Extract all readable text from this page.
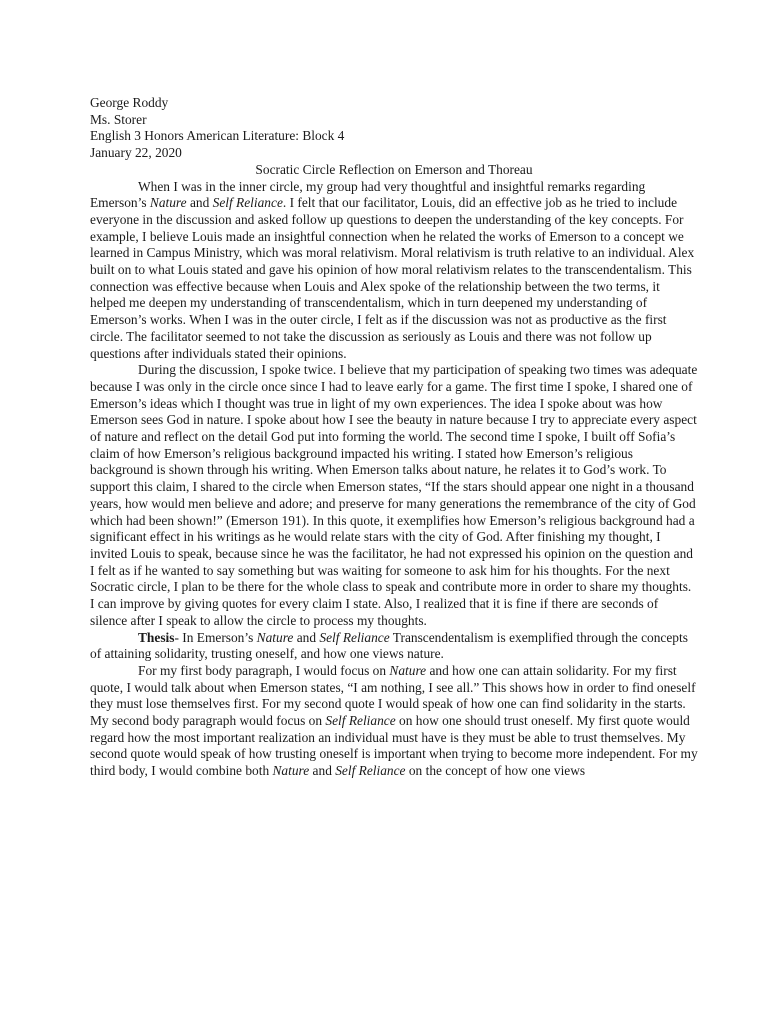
George Roddy

Ms. Storer

English 3 Honors American Literature: Block 4

January 22, 2020

Socratic Circle Reflection on Emerson and Thoreau

When I was in the inner circle, my group had very thoughtful and insightful remarks regarding Emerson’s Nature and Self Reliance. I felt that our facilitator, Louis, did an effective job as he tried to include everyone in the discussion and asked follow up questions to deepen the understanding of the key concepts. For example, I believe Louis made an insightful connection when he related the works of Emerson to a concept we learned in Campus Ministry, which was moral relativism. Moral relativism is truth relative to an individual. Alex built on to what Louis stated and gave his opinion of how moral relativism relates to the transcendentalism. This connection was effective because when Louis and Alex spoke of the relationship between the two terms, it helped me deepen my understanding of transcendentalism, which in turn deepened my understanding of Emerson’s works. When I was in the outer circle, I felt as if the discussion was not as productive as the first circle. The facilitator seemed to not take the discussion as seriously as Louis and there was not follow up questions after individuals stated their opinions.

During the discussion, I spoke twice. I believe that my participation of speaking two times was adequate because I was only in the circle once since I had to leave early for a game. The first time I spoke, I shared one of Emerson’s ideas which I thought was true in light of my own experiences. The idea I spoke about was how Emerson sees God in nature. I spoke about how I see the beauty in nature because I try to appreciate every aspect of nature and reflect on the detail God put into forming the world. The second time I spoke, I built off Sofia’s claim of how Emerson’s religious background impacted his writing. I stated how Emerson’s religious background is shown through his writing. When Emerson talks about nature, he relates it to God’s work. To support this claim, I shared to the circle when Emerson states, “If the stars should appear one night in a thousand years, how would men believe and adore; and preserve for many generations the remembrance of the city of God which had been shown!” (Emerson 191). In this quote, it exemplifies how Emerson’s religious background had a significant effect in his writings as he would relate stars with the city of God. After finishing my thought, I invited Louis to speak, because since he was the facilitator, he had not expressed his opinion on the question and I felt as if he wanted to say something but was waiting for someone to ask him for his thoughts. For the next Socratic circle, I plan to be there for the whole class to speak and contribute more in order to share my thoughts. I can improve by giving quotes for every claim I state. Also, I realized that it is fine if there are seconds of silence after I speak to allow the circle to process my thoughts.

Thesis- In Emerson’s Nature and Self Reliance Transcendentalism is exemplified through the concepts of attaining solidarity, trusting oneself, and how one views nature.

For my first body paragraph, I would focus on Nature and how one can attain solidarity. For my first quote, I would talk about when Emerson states, “I am nothing, I see all.” This shows how in order to find oneself they must lose themselves first. For my second quote I would speak of how one can find solidarity in the starts. My second body paragraph would focus on Self Reliance on how one should trust oneself. My first quote would regard how the most important realization an individual must have is they must be able to trust themselves. My second quote would speak of how trusting oneself is important when trying to become more independent. For my third body, I would combine both Nature and Self Reliance on the concept of how one views
